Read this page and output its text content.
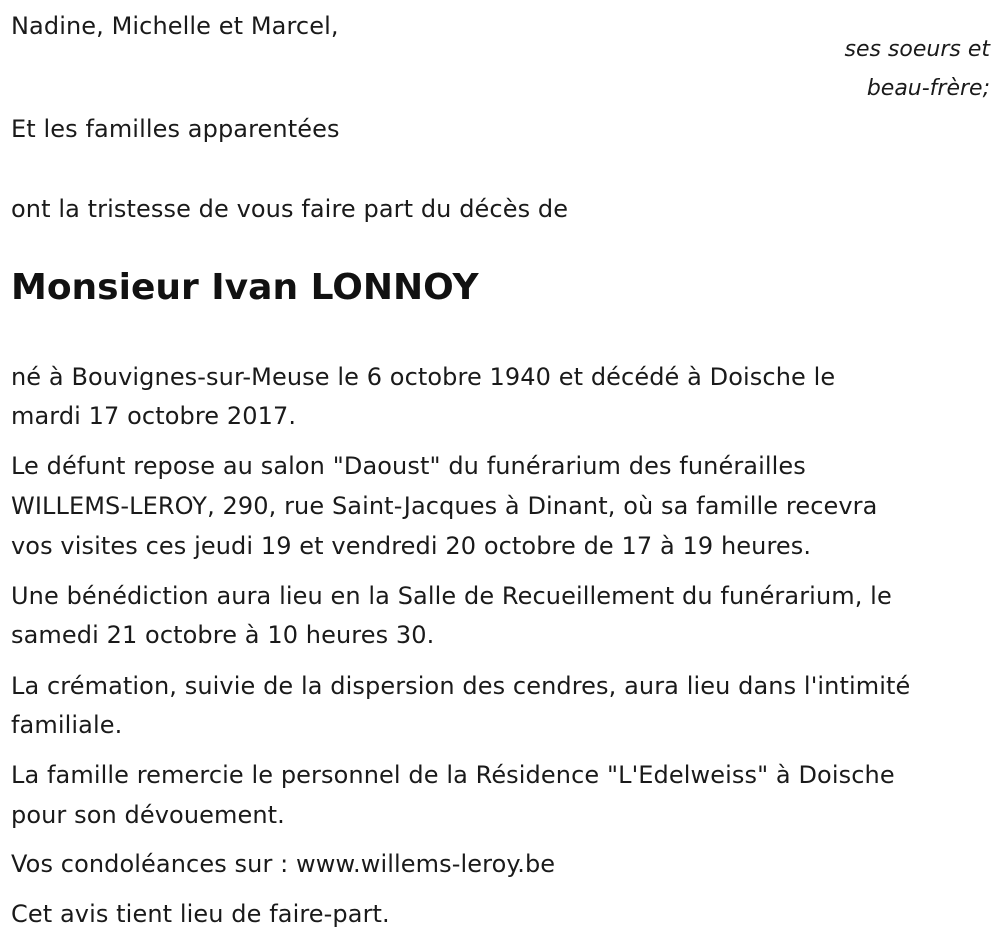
Nadine, Michelle et Marcel,
ses soeurs et
beau-frère;
Et les familles apparentées
ont la tristesse de vous faire part du décès de
Monsieur Ivan LONNOY
né à Bouvignes-sur-Meuse le 6 octobre 1940 et décédé à Doische le
mardi 17 octobre 2017.
Le défunt repose au salon "Daoust" du funérarium des funérailles
WILLEMS-LEROY, 290, rue Saint-Jacques à Dinant, où sa famille recevra
vos visites ces jeudi 19 et vendredi 20 octobre de 17 à 19 heures.
Une bénédiction aura lieu en la Salle de Recueillement du funérarium, le
samedi 21 octobre à 10 heures 30.
La crémation, suivie de la dispersion des cendres, aura lieu dans l'intimité
familiale.
La famille remercie le personnel de la Résidence "L'Edelweiss" à Doische
pour son dévouement.
Vos condoléances sur : www.willems-leroy.be
Cet avis tient lieu de faire-part.
